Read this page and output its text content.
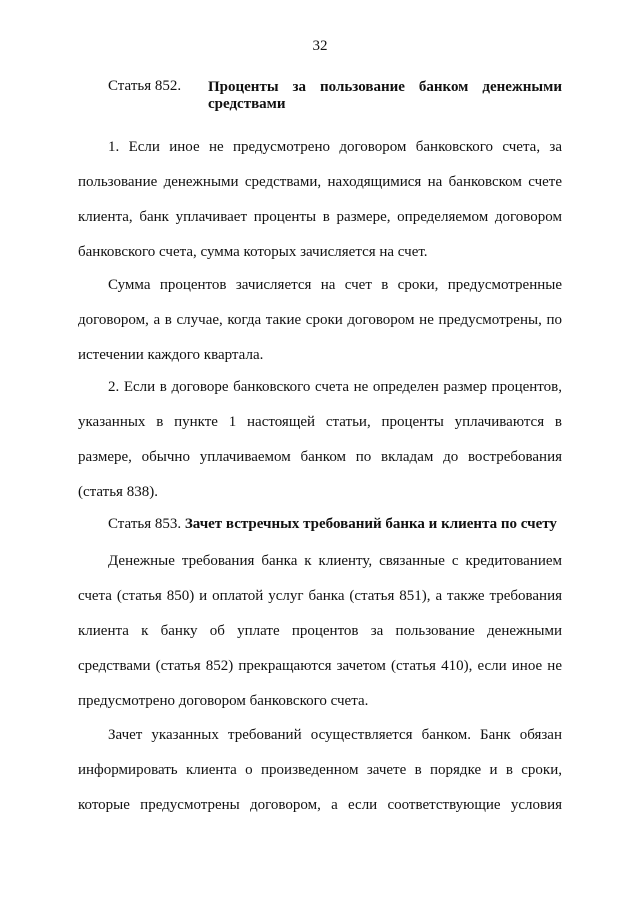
32
Статья 852. Проценты за пользование банком денежными
средствами
1. Если иное не предусмотрено договором банковского счета, за
пользование денежными средствами, находящимися на банковском счете
клиента, банк уплачивает проценты в размере, определяемом договором
банковского счета, сумма которых зачисляется на счет.
Сумма процентов зачисляется на счет в сроки, предусмотренные
договором, а в случае, когда такие сроки договором не предусмотрены, по
истечении каждого квартала.
2. Если в договоре банковского счета не определен размер процентов,
указанных в пункте 1 настоящей статьи, проценты уплачиваются в
размере, обычно уплачиваемом банком по вкладам до востребования
(статья 838).
Статья 853. Зачет встречных требований банка и клиента по счету
Денежные требования банка к клиенту, связанные с кредитованием
счета (статья 850) и оплатой услуг банка (статья 851), а также требования
клиента к банку об уплате процентов за пользование денежными
средствами (статья 852) прекращаются зачетом (статья 410), если иное не
предусмотрено договором банковского счета.
Зачет указанных требований осуществляется банком. Банк обязан
информировать клиента о произведенном зачете в порядке и в сроки,
которые предусмотрены договором, а если соответствующие условия
